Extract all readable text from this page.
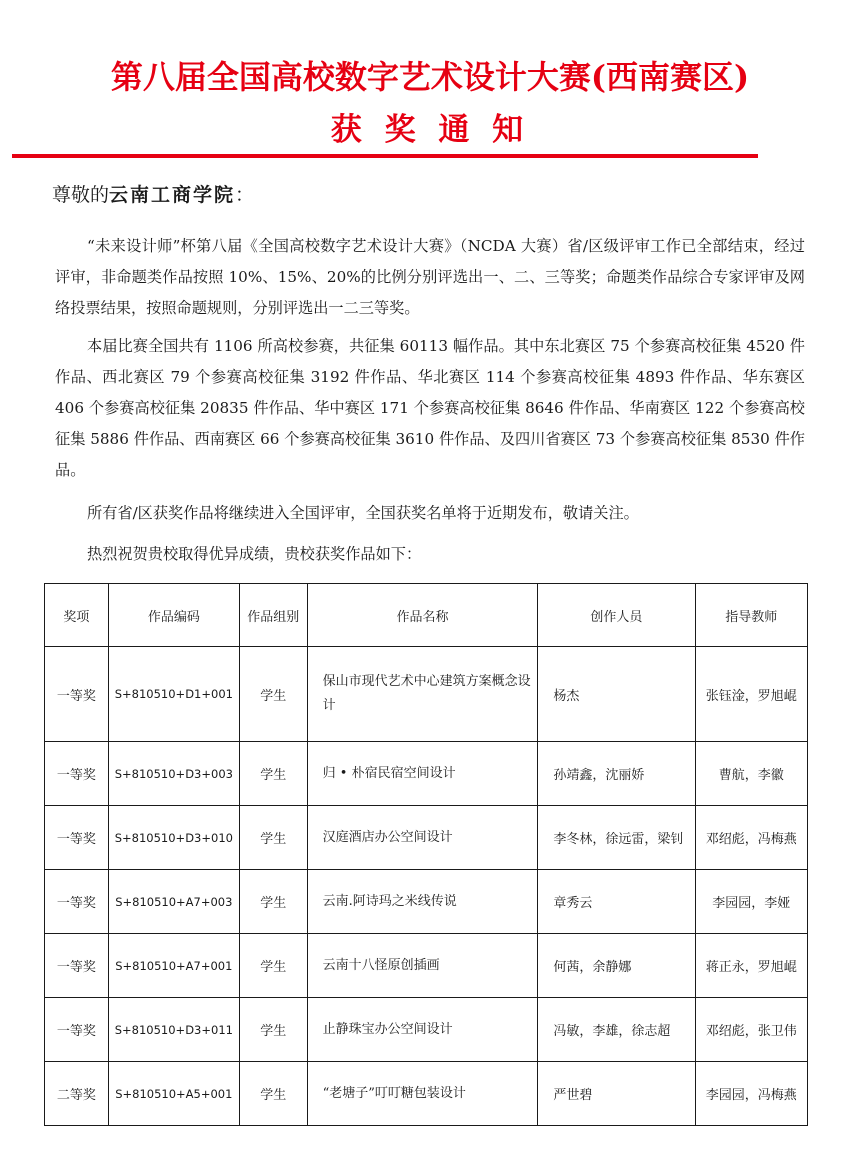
第八届全国高校数字艺术设计大赛(西南赛区)
获 奖 通 知
尊敬的云南工商学院：

“未来设计师”杯第八届《全国高校数字艺术设计大赛》（NCDA 大赛）省/区级评审工作已全部结束，经过评审，非命题类作品按照 10%、15%、20%的比例分别评选出一、二、三等奖；命题类作品综合专家评审及网络投票结果，按照命题规则，分别评选出一二三等奖。

本届比赛全国共有 1106 所高校参赛，共征集 60113 幅作品。其中东北赛区 75 个参赛高校征集 4520 件作品、西北赛区 79 个参赛高校征集 3192 件作品、华北赛区 114 个参赛高校征集 4893 件作品、华东赛区 406 个参赛高校征集 20835 件作品、华中赛区 171 个参赛高校征集 8646 件作品、华南赛区 122 个参赛高校征集 5886 件作品、西南赛区 66 个参赛高校征集 3610 件作品、及四川省赛区 73 个参赛高校征集 8530 件作品。

所有省/区获奖作品将继续进入全国评审，全国获奖名单将于近期发布，敬请关注。

热烈祝贺贵校取得优异成绩，贵校获奖作品如下：

奖项	作品编码	作品组别	作品名称	创作人员	指导教师
一等奖	S+810510+D1+001	学生	保山市现代艺术中心建筑方案概念设计	杨杰	张钰淦，罗旭崐
一等奖	S+810510+D3+003	学生	归 • 朴宿民宿空间设计	孙靖鑫，沈丽娇	曹航，李徽
一等奖	S+810510+D3+010	学生	汉庭酒店办公空间设计	李冬林，徐远雷，梁钊	邓绍彪，冯梅燕
一等奖	S+810510+A7+003	学生	云南.阿诗玛之米线传说	章秀云	李园园，李娅
一等奖	S+810510+A7+001	学生	云南十八怪原创插画	何茜，余静娜	蒋正永，罗旭崐
一等奖	S+810510+D3+011	学生	止静珠宝办公空间设计	冯敏，李雄，徐志超	邓绍彪，张卫伟
二等奖	S+810510+A5+001	学生	“老塘子”叮叮糖包装设计	严世碧	李园园，冯梅燕
